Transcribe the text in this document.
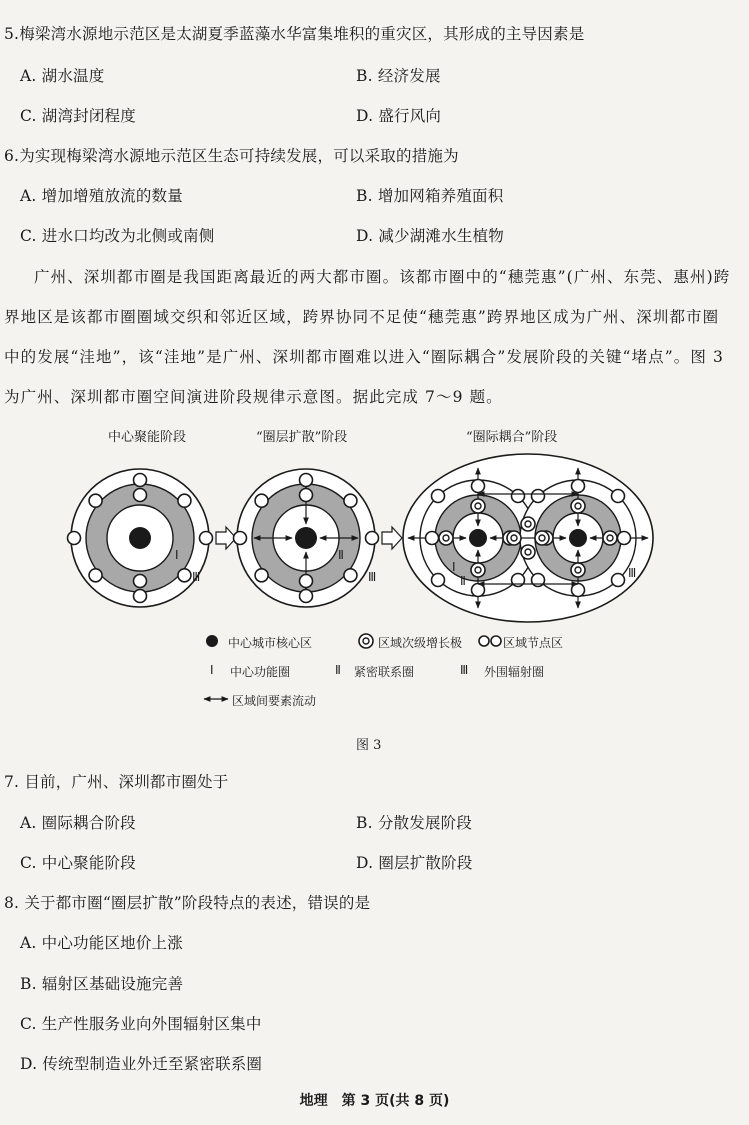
5.梅梁湾水源地示范区是太湖夏季蓝藻水华富集堆积的重灾区，其形成的主导因素是
A. 湖水温度	B. 经济发展
C. 湖湾封闭程度	D. 盛行风向
6.为实现梅梁湾水源地示范区生态可持续发展，可以采取的措施为
A. 增加增殖放流的数量	B. 增加网箱养殖面积
C. 进水口均改为北侧或南侧	D. 减少湖滩水生植物
广州、深圳都市圈是我国距离最近的两大都市圈。该都市圈中的“穗莞惠”(广州、东莞、惠州)跨
界地区是该都市圈圈域交织和邻近区域，跨界协同不足使“穗莞惠”跨界地区成为广州、深圳都市圈
中的发展“洼地”，该“洼地”是广州、深圳都市圈难以进入“圈际耦合”发展阶段的关键“堵点”。图 3
为广州、深圳都市圈空间演进阶段规律示意图。据此完成 7～9 题。
中心聚能阶段	“圈层扩散”阶段	“圈际耦合”阶段
Ⅰ
Ⅲ
Ⅱ
Ⅲ
Ⅰ
Ⅱ
Ⅲ
中心城市核心区	区域次级增长极	区域节点区
Ⅰ 中心功能圈	Ⅱ 紧密联系圈	Ⅲ 外围辐射圈
区域间要素流动
图 3
7. 目前，广州、深圳都市圈处于
A. 圈际耦合阶段	B. 分散发展阶段
C. 中心聚能阶段	D. 圈层扩散阶段
8. 关于都市圈“圈层扩散”阶段特点的表述，错误的是
A. 中心功能区地价上涨
B. 辐射区基础设施完善
C. 生产性服务业向外围辐射区集中
D. 传统型制造业外迁至紧密联系圈
地理　第 3 页(共 8 页)
